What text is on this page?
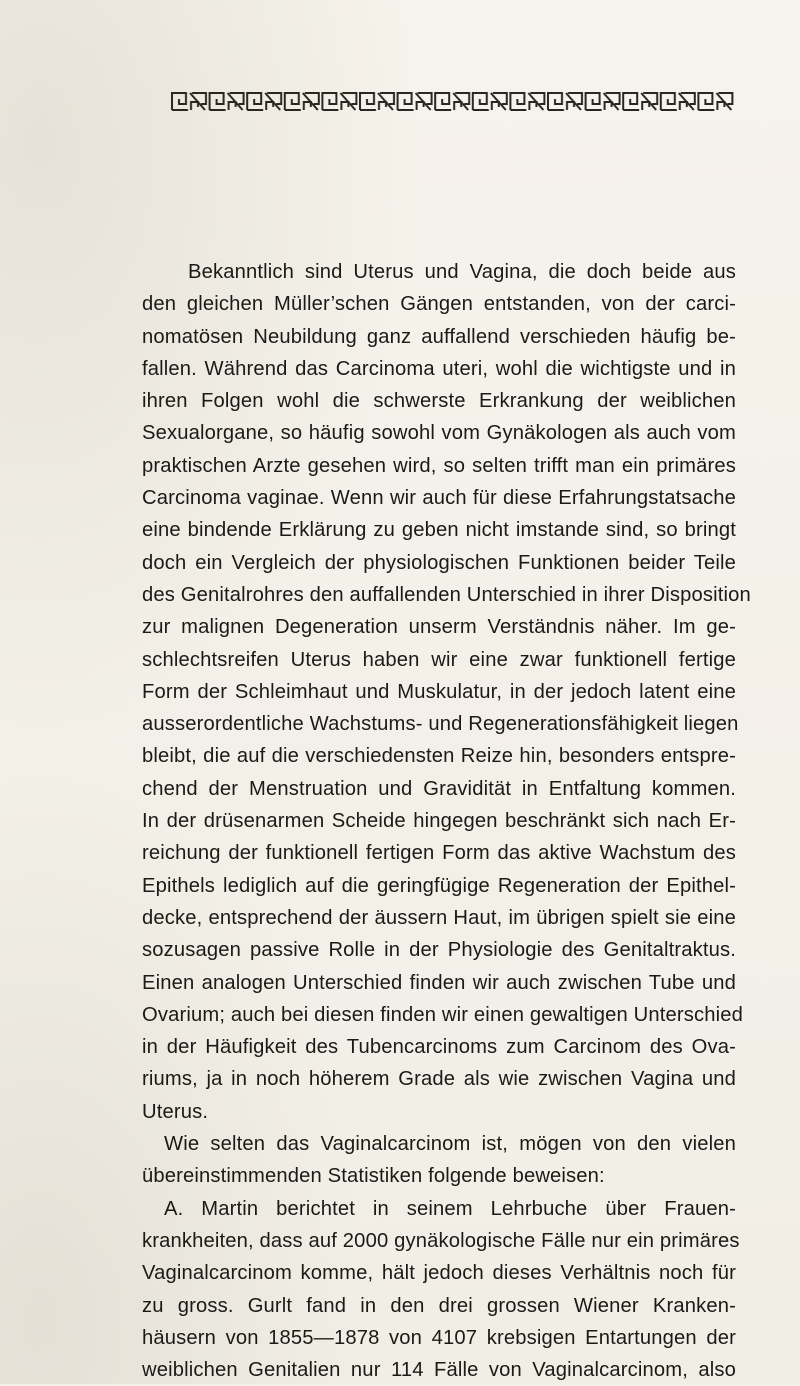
Bekanntlich sind Uterus und Vagina, die doch beide aus
den gleichen Müller’schen Gängen entstanden, von der carci-
nomatösen Neubildung ganz auffallend verschieden häufig be-
fallen. Während das Carcinoma uteri, wohl die wichtigste und in
ihren Folgen wohl die schwerste Erkrankung der weiblichen
Sexualorgane, so häufig sowohl vom Gynäkologen als auch vom
praktischen Arzte gesehen wird, so selten trifft man ein primäres
Carcinoma vaginae. Wenn wir auch für diese Erfahrungstatsache
eine bindende Erklärung zu geben nicht imstande sind, so bringt
doch ein Vergleich der physiologischen Funktionen beider Teile
des Genitalrohres den auffallenden Unterschied in ihrer Disposition
zur malignen Degeneration unserm Verständnis näher. Im ge-
schlechtsreifen Uterus haben wir eine zwar funktionell fertige
Form der Schleimhaut und Muskulatur, in der jedoch latent eine
ausserordentliche Wachstums- und Regenerationsfähigkeit liegen
bleibt, die auf die verschiedensten Reize hin, besonders entspre-
chend der Menstruation und Gravidität in Entfaltung kommen.
In der drüsenarmen Scheide hingegen beschränkt sich nach Er-
reichung der funktionell fertigen Form das aktive Wachstum des
Epithels lediglich auf die geringfügige Regeneration der Epithel-
decke, entsprechend der äussern Haut, im übrigen spielt sie eine
sozusagen passive Rolle in der Physiologie des Genitaltraktus.
Einen analogen Unterschied finden wir auch zwischen Tube und
Ovarium; auch bei diesen finden wir einen gewaltigen Unterschied
in der Häufigkeit des Tubencarcinoms zum Carcinom des Ova-
riums, ja in noch höherem Grade als wie zwischen Vagina und
Uterus.
Wie selten das Vaginalcarcinom ist, mögen von den vielen
übereinstimmenden Statistiken folgende beweisen:
A. Martin berichtet in seinem Lehrbuche über Frauen-
krankheiten, dass auf 2000 gynäkologische Fälle nur ein primäres
Vaginalcarcinom komme, hält jedoch dieses Verhältnis noch für
zu gross. Gurlt fand in den drei grossen Wiener Kranken-
häusern von 1855—1878 von 4107 krebsigen Entartungen der
weiblichen Genitalien nur 114 Fälle von Vaginalcarcinom, also
